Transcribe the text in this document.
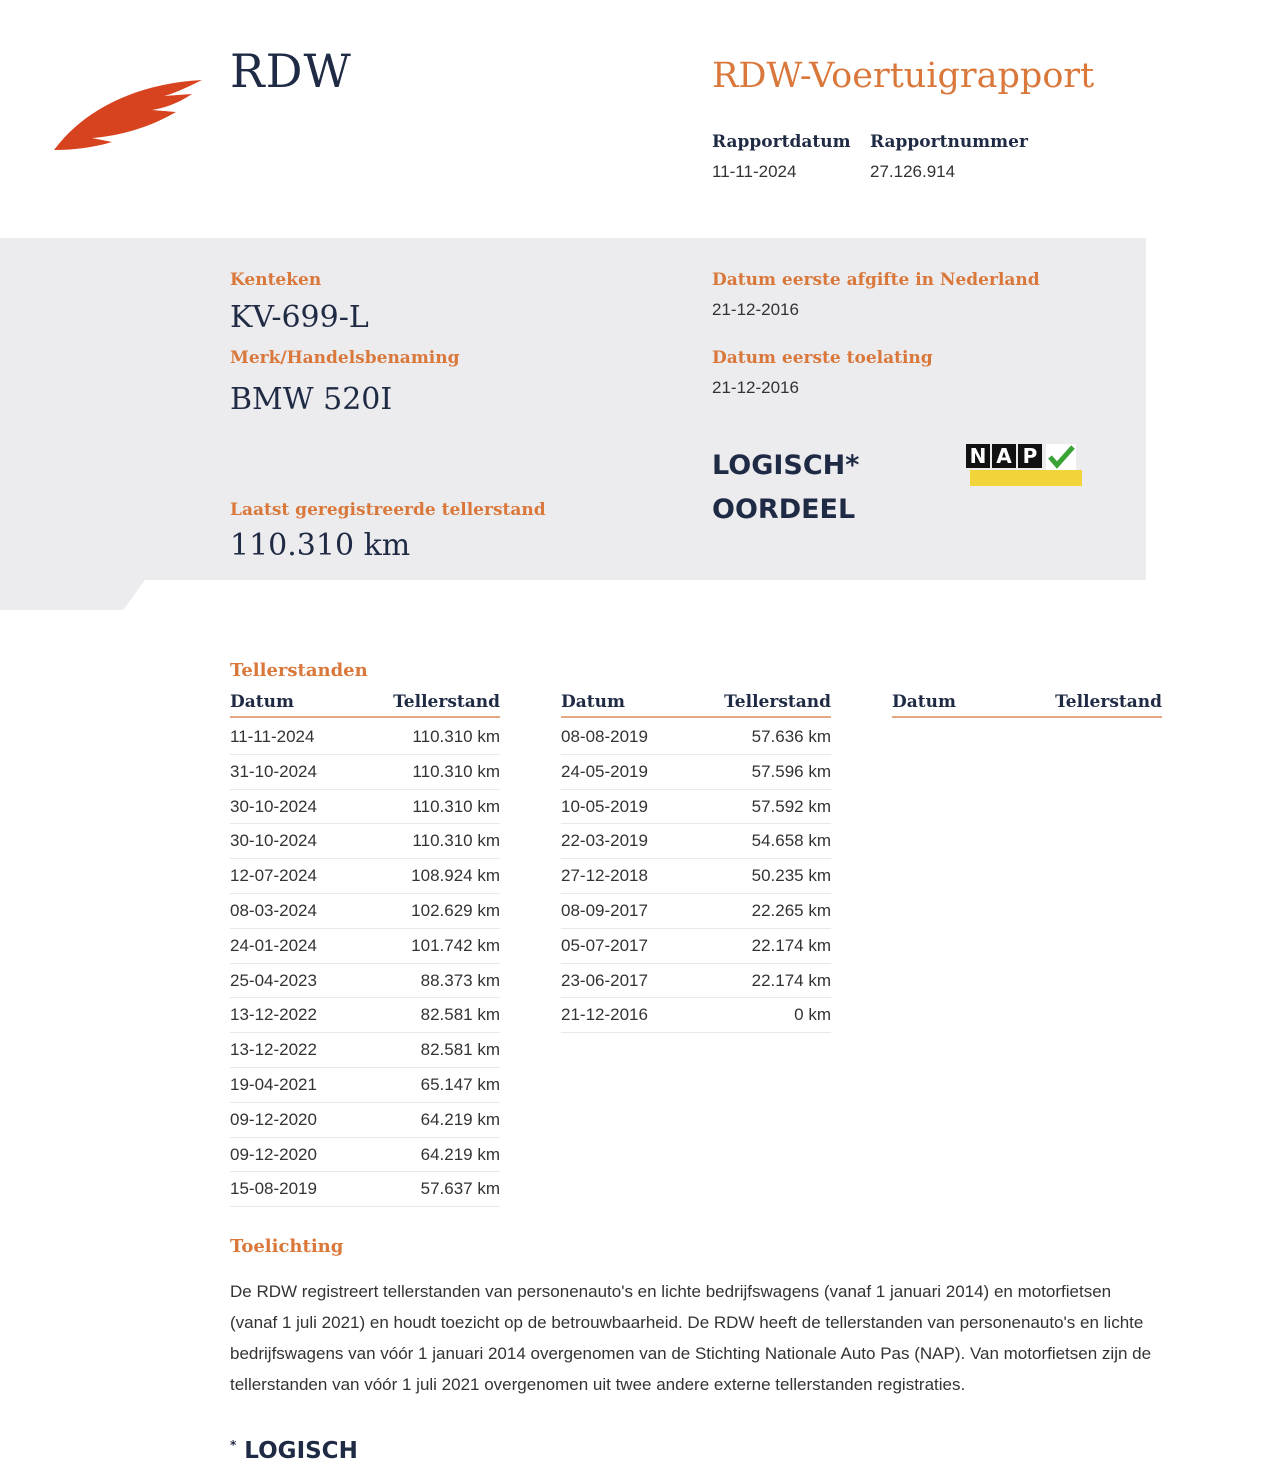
RDW	RDW-Voertuigrapport
Rapportdatum
11-11-2024
Rapportnummer
27.126.914
Kenteken
KV-699-L
Merk/Handelsbenaming
BMW 520I
Laatst geregistreerde tellerstand
110.310 km
Datum eerste afgifte in Nederland
21-12-2016
Datum eerste toelating
21-12-2016
LOGISCH*
OORDEEL
N A P
Tellerstanden
Datum	Tellerstand
11-11-2024	110.310 km
31-10-2024	110.310 km
30-10-2024	110.310 km
30-10-2024	110.310 km
12-07-2024	108.924 km
08-03-2024	102.629 km
24-01-2024	101.742 km
25-04-2023	88.373 km
13-12-2022	82.581 km
13-12-2022	82.581 km
19-04-2021	65.147 km
09-12-2020	64.219 km
09-12-2020	64.219 km
15-08-2019	57.637 km
Datum	Tellerstand
08-08-2019	57.636 km
24-05-2019	57.596 km
10-05-2019	57.592 km
22-03-2019	54.658 km
27-12-2018	50.235 km
08-09-2017	22.265 km
05-07-2017	22.174 km
23-06-2017	22.174 km
21-12-2016	0 km
Datum	Tellerstand
Toelichting
De RDW registreert tellerstanden van personenauto's en lichte bedrijfswagens (vanaf 1 januari 2014) en motorfietsen (vanaf 1 juli 2021) en houdt toezicht op de betrouwbaarheid. De RDW heeft de tellerstanden van personenauto's en lichte bedrijfswagens van vóór 1 januari 2014 overgenomen van de Stichting Nationale Auto Pas (NAP). Van motorfietsen zijn de tellerstanden van vóór 1 juli 2021 overgenomen uit twee andere externe tellerstanden registraties.
* LOGISCH
